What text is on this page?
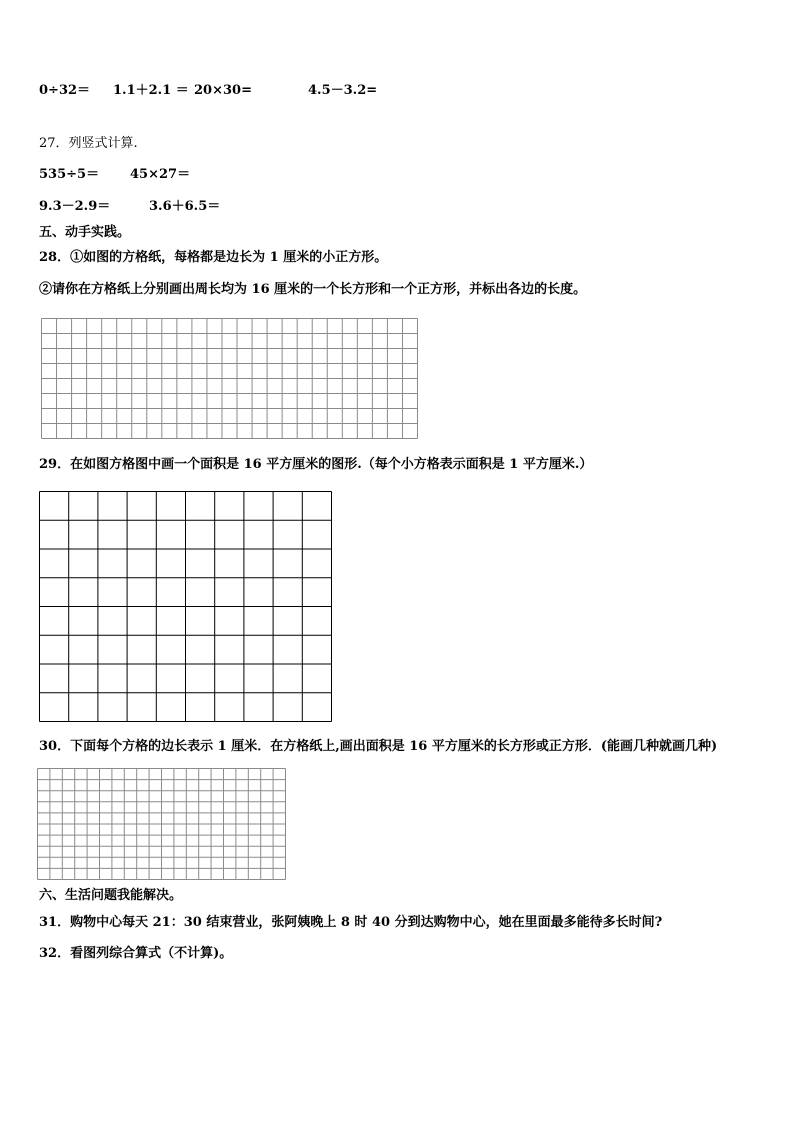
0÷32＝ 1.1＋2.1 ＝ 20×30=	4.5－3.2=
27．列竖式计算.
535÷5＝ 45×27＝
9.3－2.9＝	3.6＋6.5＝
五、动手实践。
28．①如图的方格纸，每格都是边长为 1 厘米的小正方形。
②请你在方格纸上分别画出周长均为 16 厘米的一个长方形和一个正方形，并标出各边的长度。
29．在如图方格图中画一个面积是 16 平方厘米的图形.（每个小方格表示面积是 1 平方厘米.）
30．下面每个方格的边长表示 1 厘米．在方格纸上,画出面积是 16 平方厘米的长方形或正方形．(能画几种就画几种)
六、生活问题我能解决。
31．购物中心每天 21：30 结束营业，张阿姨晚上 8 时 40 分到达购物中心，她在里面最多能待多长时间?
32．看图列综合算式（不计算)。
